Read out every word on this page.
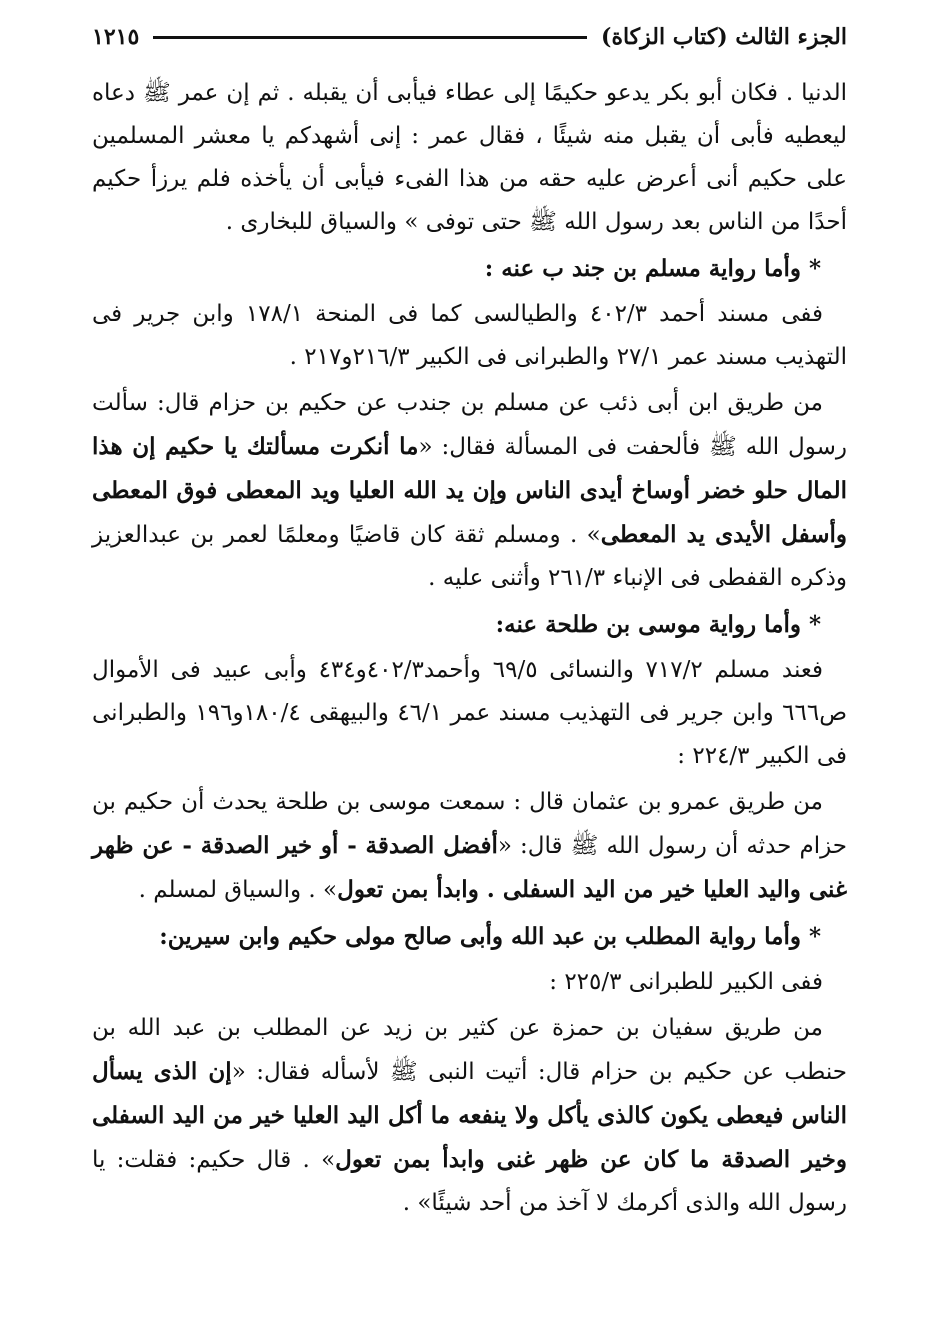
الجزء الثالث (كتاب الزكاة)
١٢١٥

الدنيا . فكان أبو بكر يدعو حكيمًا إلى عطاء فيأبى أن يقبله . ثم إن عمر ﷺ دعاه ليعطيه فأبى أن يقبل منه شيئًا ، فقال عمر : إنى أشهدكم يا معشر المسلمين على حكيم أنى أعرض عليه حقه من هذا الفىء فيأبى أن يأخذه فلم يرزأ حكيم أحدًا من الناس بعد رسول الله ﷺ حتى توفى » والسياق للبخارى .

* وأما رواية مسلم بن جند ب عنه :

ففى مسند أحمد ٤٠٢/٣ والطيالسى كما فى المنحة ١٧٨/١ وابن جرير فى التهذيب مسند عمر ٢٧/١ والطبرانى فى الكبير ٢١٦/٣و٢١٧ .

من طريق ابن أبى ذئب عن مسلم بن جندب عن حكيم بن حزام قال: سألت رسول الله ﷺ فألحفت فى المسألة فقال: «ما أنكرت مسألتك يا حكيم إن هذا المال حلو خضر أوساخ أيدى الناس وإن يد الله العليا ويد المعطى فوق المعطى وأسفل الأيدى يد المعطى» . ومسلم ثقة كان قاضيًا ومعلمًا لعمر بن عبدالعزيز وذكره القفطى فى الإنباء ٢٦١/٣ وأثنى عليه .

* وأما رواية موسى بن طلحة عنه:

فعند مسلم ٧١٧/٢ والنسائى ٦٩/٥ وأحمد٤٠٢/٣و٤٣٤ وأبى عبيد فى الأموال ص٦٦٦ وابن جرير فى التهذيب مسند عمر ٤٦/١ والبيهقى ١٨٠/٤و١٩٦ والطبرانى فى الكبير ٢٢٤/٣ :

من طريق عمرو بن عثمان قال : سمعت موسى بن طلحة يحدث أن حكيم بن حزام حدثه أن رسول الله ﷺ قال: «أفضل الصدقة - أو خير الصدقة - عن ظهر غنى واليد العليا خير من اليد السفلى . وابدأ بمن تعول» . والسياق لمسلم .

* وأما رواية المطلب بن عبد الله وأبى صالح مولى حكيم وابن سيرين:

ففى الكبير للطبرانى ٢٢٥/٣ :

من طريق سفيان بن حمزة عن كثير بن زيد عن المطلب بن عبد الله بن حنطب عن حكيم بن حزام قال: أتيت النبى ﷺ لأسأله فقال: «إن الذى يسأل الناس فيعطى يكون كالذى يأكل ولا ينفعه ما أكل اليد العليا خير من اليد السفلى وخير الصدقة ما كان عن ظهر غنى وابدأ بمن تعول» . قال حكيم: فقلت: يا رسول الله والذى أكرمك لا آخذ من أحد شيئًا» .
